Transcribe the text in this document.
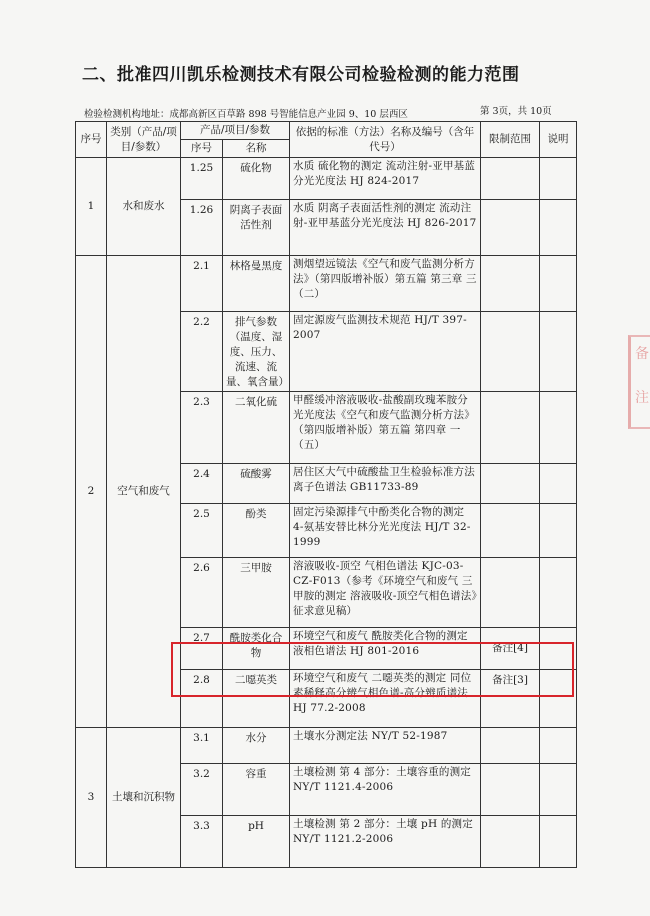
二、批准四川凯乐检测技术有限公司检验检测的能力范围
检验检测机构地址：成都高新区百草路 898 号智能信息产业园 9、10 层西区	第 3页，共 10页
序号	类别（产品/项目/参数）	产品/项目/参数		依据的标准（方法）名称及编号（含年代号）	限制范围	说明
		序号	名称			
1	水和废水	1.25	硫化物	水质 硫化物的测定 流动注射-亚甲基蓝分光光度法 HJ 824-2017		
		1.26	阴离子表面活性剂	水质 阴离子表面活性剂的测定 流动注射-亚甲基蓝分光光度法 HJ 826-2017		
2	空气和废气	2.1	林格曼黑度	测烟望远镜法《空气和废气监测分析方法》（第四版增补版）第五篇 第三章 三（二）		
		2.2	排气参数（温度、湿度、压力、流速、流量、氧含量）	固定源废气监测技术规范 HJ/T 397-2007		
		2.3	二氧化硫	甲醛缓冲溶液吸收-盐酸副玫瑰苯胺分光光度法《空气和废气监测分析方法》（第四版增补版）第五篇 第四章 一（五）		
		2.4	硫酸雾	居住区大气中硫酸盐卫生检验标准方法 离子色谱法 GB11733-89		
		2.5	酚类	固定污染源排气中酚类化合物的测定 4-氨基安替比林分光光度法 HJ/T 32-1999		
		2.6	三甲胺	溶液吸收-顶空 气相色谱法 KJC-03-CZ-F013（参考《环境空气和废气 三甲胺的测定 溶液吸收-顶空气相色谱法》征求意见稿）		
		2.7	酰胺类化合物	环境空气和废气 酰胺类化合物的测定 液相色谱法 HJ 801-2016	备注[4]	
		2.8	二噁英类	环境空气和废气 二噁英类的测定 同位素稀释高分辨气相色谱-高分辨质谱法 HJ 77.2-2008	备注[3]	
3	土壤和沉积物	3.1	水分	土壤水分测定法 NY/T 52-1987		
		3.2	容重	土壤检测 第 4 部分：土壤容重的测定 NY/T 1121.4-2006		
		3.3	pH	土壤检测 第 2 部分：土壤 pH 的测定 NY/T 1121.2-2006		
备
注
